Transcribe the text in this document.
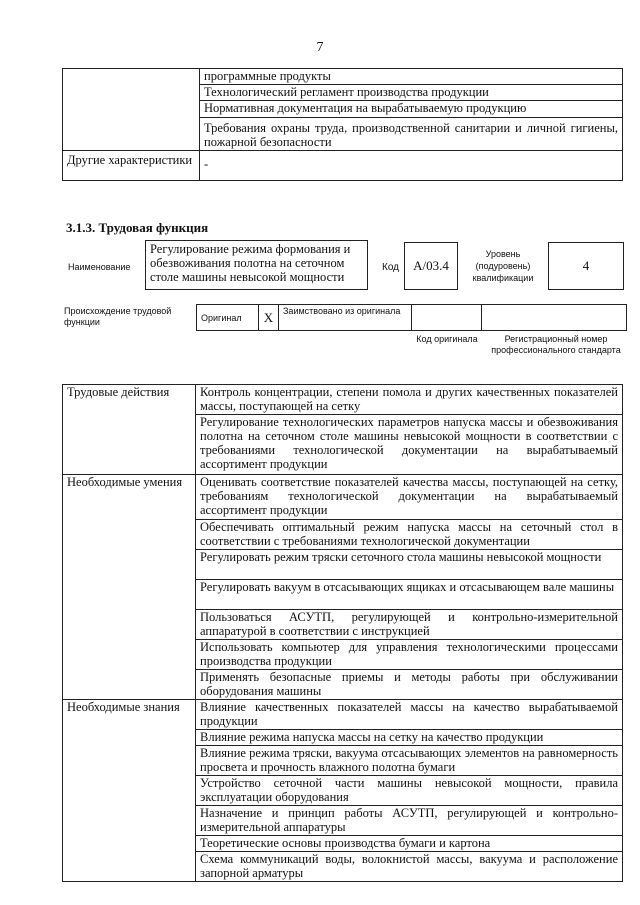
7
	программные продукты
	Технологический регламент производства продукции
	Нормативная документация на вырабатываемую продукцию
	Требования охраны труда, производственной санитарии и личной гигиены, пожарной безопасности
Другие характеристики	-
3.1.3. Трудовая функция
Наименование
Регулирование режима формования и обезвоживания полотна на сеточном столе машины невысокой мощности
Код	А/03.4
Уровень (подуровень) квалификации
4
Происхождение трудовой функции	Оригинал	Х	Заимствовано из оригинала		
Код оригинала	Регистрационный номер профессионального стандарта
Трудовые действия	Контроль концентрации, степени помола и других качественных показателей массы, поступающей на сетку
	Регулирование технологических параметров напуска массы и обезвоживания полотна на сеточном столе машины невысокой мощности в соответствии с требованиями технологической документации на вырабатываемый ассортимент продукции
Необходимые умения	Оценивать соответствие показателей качества массы, поступающей на сетку, требованиям технологической документации на вырабатываемый ассортимент продукции
	Обеспечивать оптимальный режим напуска массы на сеточный стол в соответствии с требованиями технологической документации
	Регулировать режим тряски сеточного стола машины невысокой мощности
	Регулировать вакуум в отсасывающих ящиках и отсасывающем вале машины
	Пользоваться АСУТП, регулирующей и контрольно-измерительной аппаратурой в соответствии с инструкцией
	Использовать компьютер для управления технологическими процессами производства продукции
	Применять безопасные приемы и методы работы при обслуживании оборудования машины
Необходимые знания	Влияние качественных показателей массы на качество вырабатываемой продукции
	Влияние режима напуска массы на сетку на качество продукции
	Влияние режима тряски, вакуума отсасывающих элементов на равномерность просвета и прочность влажного полотна бумаги
	Устройство сеточной части машины невысокой мощности, правила эксплуатации оборудования
	Назначение и принцип работы АСУТП, регулирующей и контрольно-измерительной аппаратуры
	Теоретические основы производства бумаги и картона
	Схема коммуникаций воды, волокнистой массы, вакуума и расположение запорной арматуры
